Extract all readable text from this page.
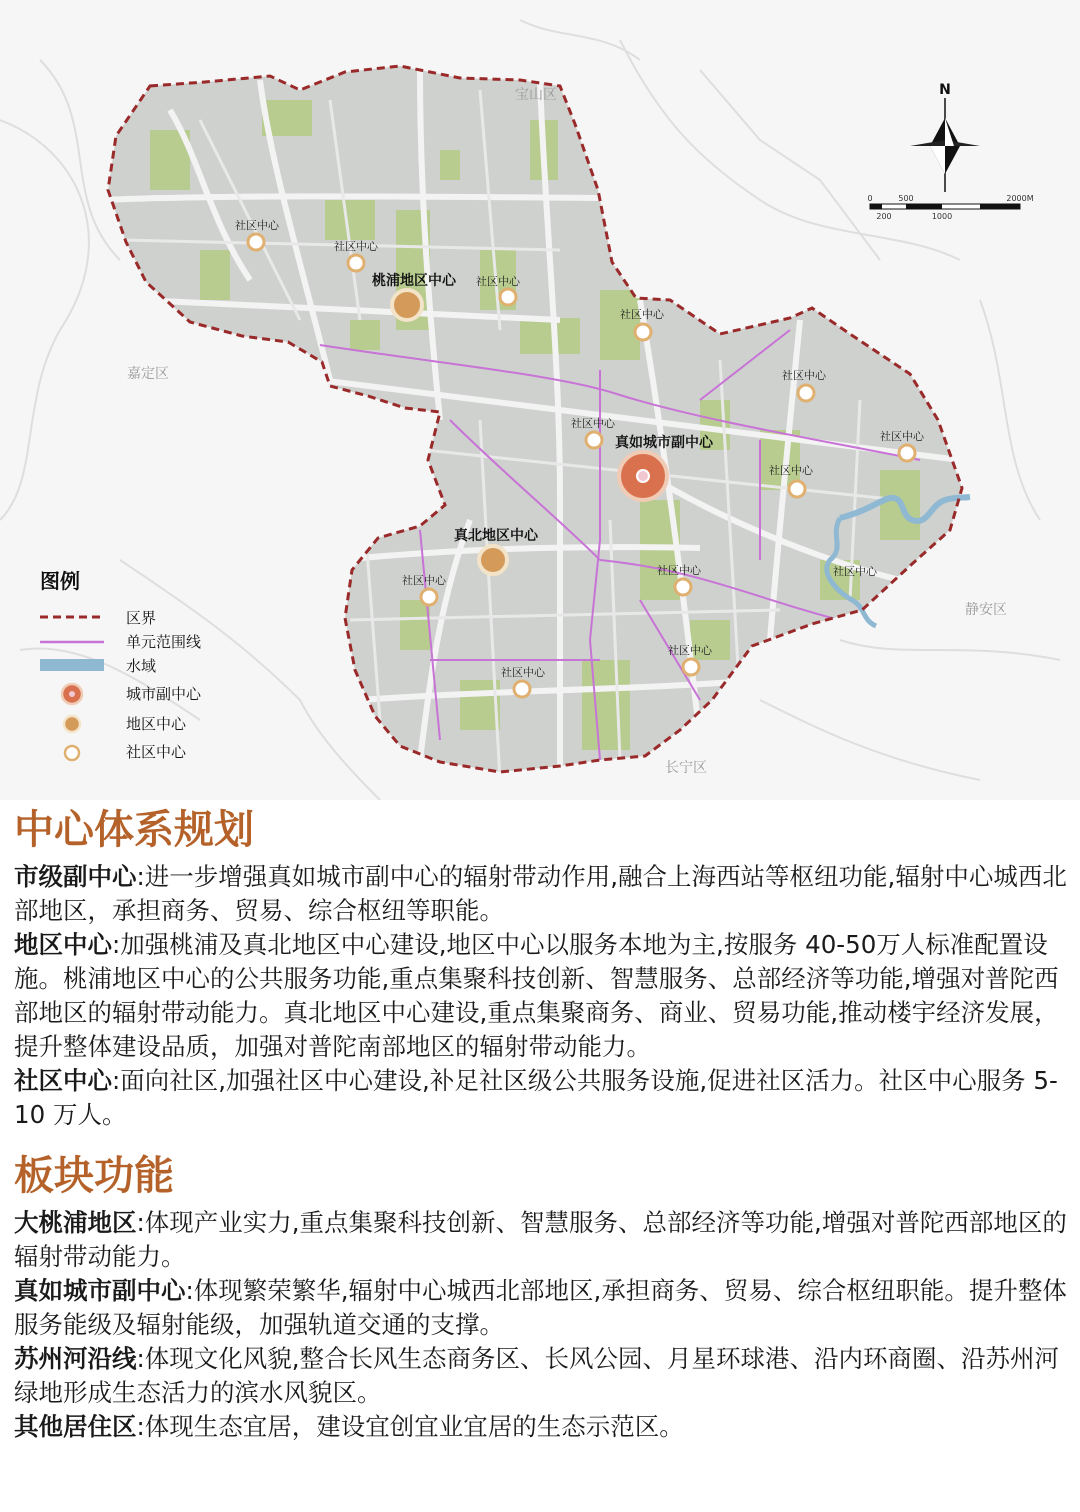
宝山区
嘉定区
静安区
长宁区
社区中心
社区中心
社区中心
社区中心
社区中心
社区中心
社区中心
社区中心
社区中心
社区中心
社区中心
社区中心
社区中心
桃浦地区中心
真如城市副中心
真北地区中心
N
0	500	2000M
200	1000
图例
区界
单元范围线
水域
城市副中心
地区中心
社区中心
中心体系规划

市级副中心:进一步增强真如城市副中心的辐射带动作用,融合上海西站等枢纽功能,辐射中心城西北部地区，承担商务、贸易、综合枢纽等职能。

地区中心:加强桃浦及真北地区中心建设,地区中心以服务本地为主,按服务 40-50万人标准配置设施。桃浦地区中心的公共服务功能,重点集聚科技创新、智慧服务、总部经济等功能,增强对普陀西部地区的辐射带动能力。真北地区中心建设,重点集聚商务、商业、贸易功能,推动楼宇经济发展，提升整体建设品质，加强对普陀南部地区的辐射带动能力。

社区中心:面向社区,加强社区中心建设,补足社区级公共服务设施,促进社区活力。社区中心服务 5-10 万人。

板块功能

大桃浦地区:体现产业实力,重点集聚科技创新、智慧服务、总部经济等功能,增强对普陀西部地区的辐射带动能力。

真如城市副中心:体现繁荣繁华,辐射中心城西北部地区,承担商务、贸易、综合枢纽职能。提升整体服务能级及辐射能级，加强轨道交通的支撑。

苏州河沿线:体现文化风貌,整合长风生态商务区、长风公园、月星环球港、沿内环商圈、沿苏州河绿地形成生态活力的滨水风貌区。

其他居住区:体现生态宜居，建设宜创宜业宜居的生态示范区。
